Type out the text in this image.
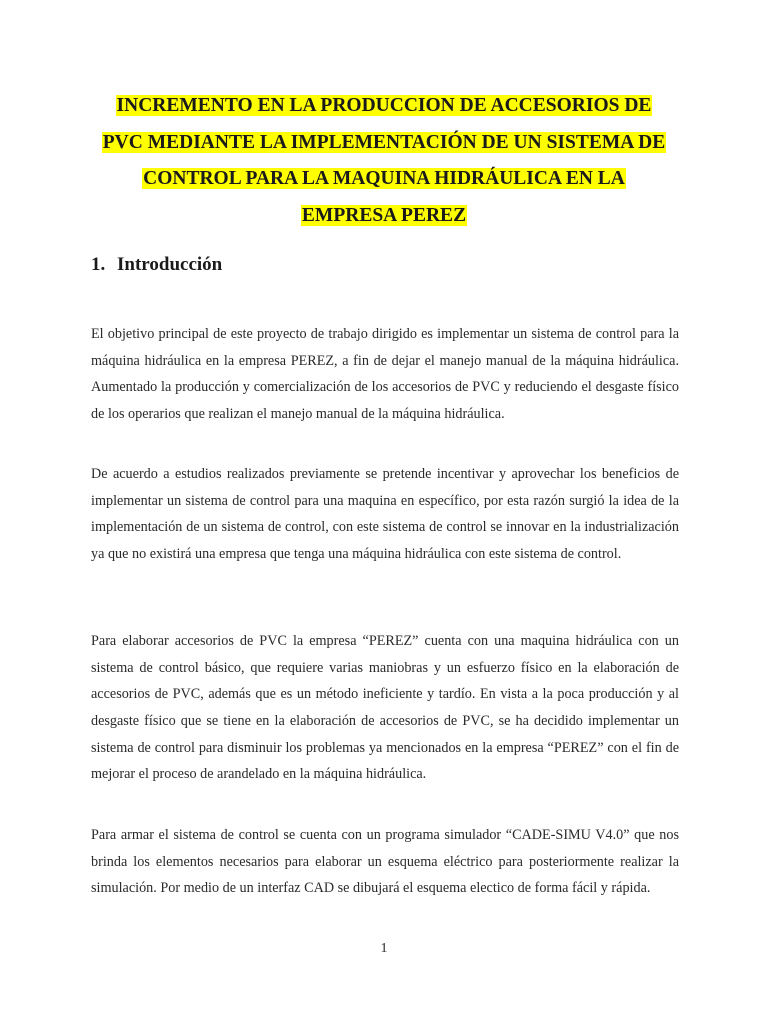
INCREMENTO EN LA PRODUCCION DE ACCESORIOS DE
PVC MEDIANTE LA IMPLEMENTACIÓN DE UN SISTEMA DE
CONTROL PARA LA MAQUINA HIDRÁULICA EN LA
EMPRESA PEREZ
1. Introducción

El objetivo principal de este proyecto de trabajo dirigido es implementar un sistema de control para la máquina hidráulica en la empresa PEREZ, a fin de dejar el manejo manual de la máquina hidráulica. Aumentado la producción y comercialización de los accesorios de PVC y reduciendo el desgaste físico de los operarios que realizan el manejo manual de la máquina hidráulica.

De acuerdo a estudios realizados previamente se pretende incentivar y aprovechar los beneficios de implementar un sistema de control para una maquina en específico, por esta razón surgió la idea de la implementación de un sistema de control, con este sistema de control se innovar en la industrialización ya que no existirá una empresa que tenga una máquina hidráulica con este sistema de control.

Para elaborar accesorios de PVC la empresa “PEREZ” cuenta con una maquina hidráulica con un sistema de control básico, que requiere varias maniobras y un esfuerzo físico en la elaboración de accesorios de PVC, además que es un método ineficiente y tardío. En vista a la poca producción y al desgaste físico que se tiene en la elaboración de accesorios de PVC, se ha decidido implementar un sistema de control para disminuir los problemas ya mencionados en la empresa “PEREZ” con el fin de mejorar el proceso de arandelado en la máquina hidráulica.

Para armar el sistema de control se cuenta con un programa simulador “CADE-SIMU V4.0” que nos brinda los elementos necesarios para elaborar un esquema eléctrico para posteriormente realizar la simulación. Por medio de un interfaz CAD se dibujará el esquema electico de forma fácil y rápida.

1
